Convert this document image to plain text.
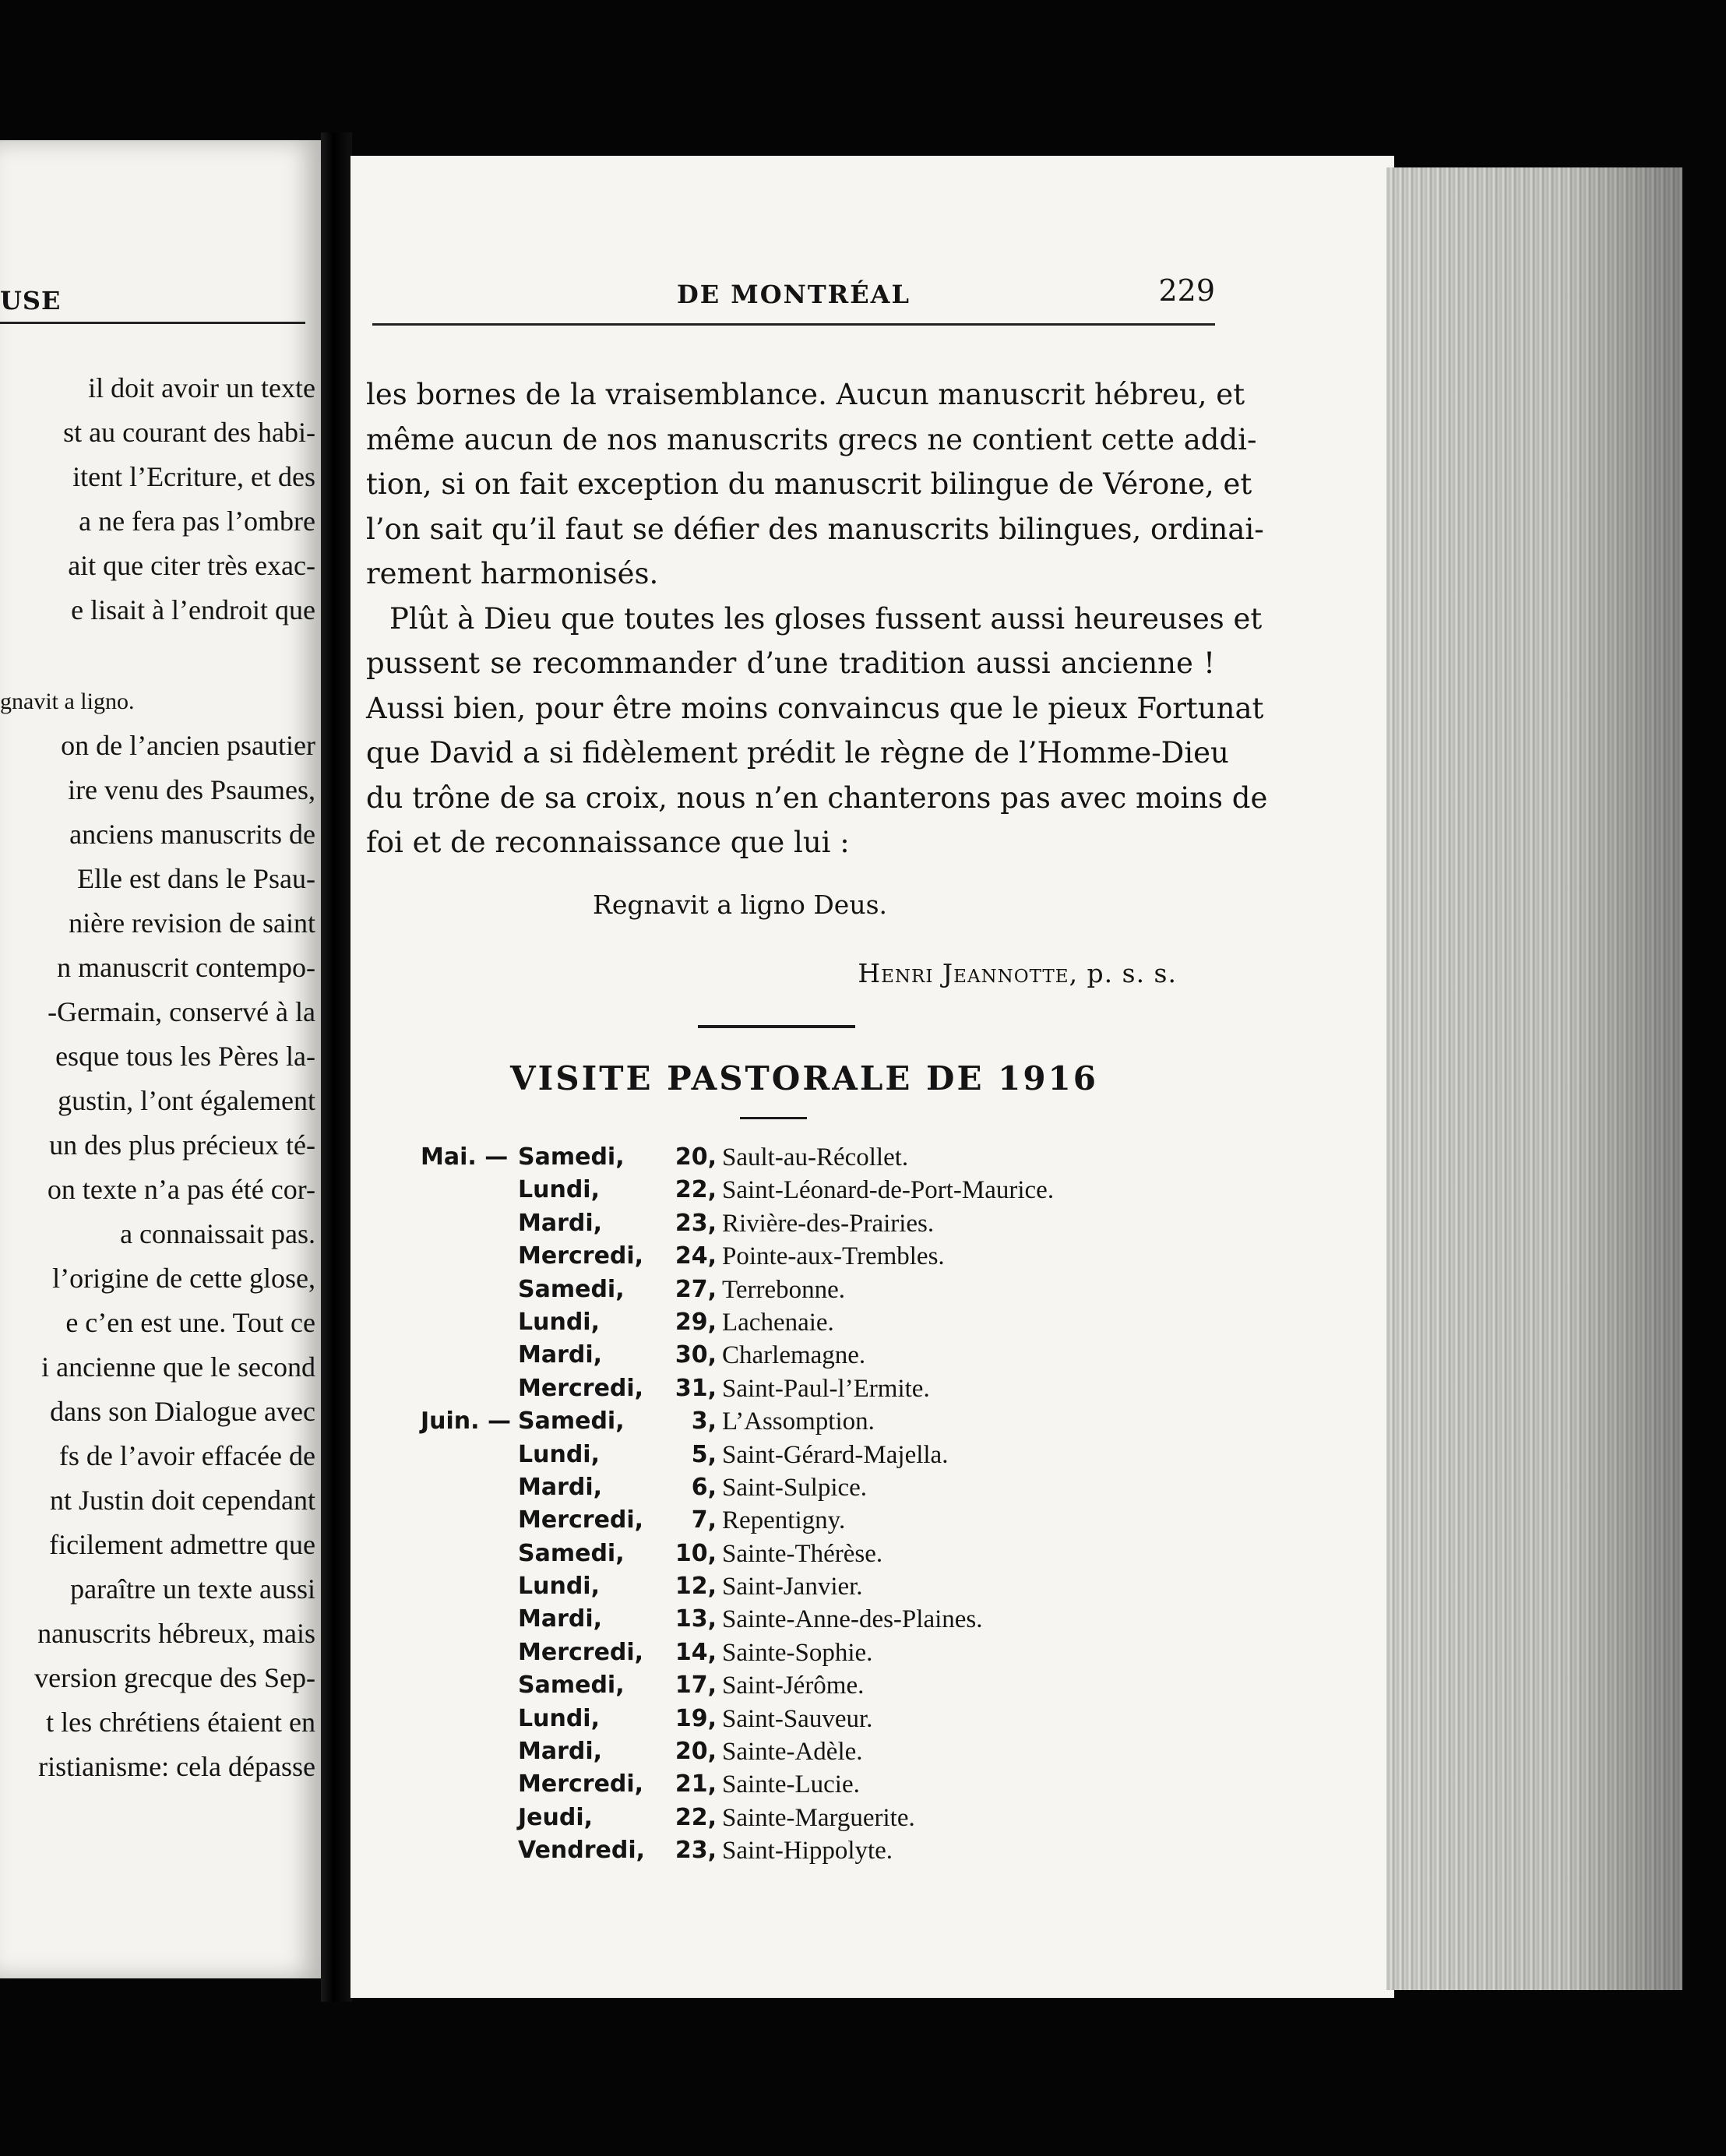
USE
il doit avoir un texte
st au courant des habi-
itent l’Ecriture, et des
a ne fera pas l’ombre
ait que citer très exac-
e lisait à l’endroit que
gnavit a ligno.
on de l’ancien psautier
ire venu des Psaumes,
anciens manuscrits de
Elle est dans le Psau-
nière revision de saint
n manuscrit contempo-
-Germain, conservé à la
esque tous les Pères la-
gustin, l’ont également
un des plus précieux té-
on texte n’a pas été cor-
a connaissait pas.
l’origine de cette glose,
e c’en est une. Tout ce
i ancienne que le second
dans son Dialogue avec
fs de l’avoir effacée de
nt Justin doit cependant
ficilement admettre que
paraître un texte aussi
nanuscrits hébreux, mais
version grecque des Sep-
t les chrétiens étaient en
ristianisme: cela dépasse
DE MONTRÉAL	229
les bornes de la vraisemblance. Aucun manuscrit hébreu, et
même aucun de nos manuscrits grecs ne contient cette addi-
tion, si on fait exception du manuscrit bilingue de Vérone, et
l’on sait qu’il faut se défier des manuscrits bilingues, ordinai-
rement harmonisés.
Plût à Dieu que toutes les gloses fussent aussi heureuses et
pussent se recommander d’une tradition aussi ancienne !
Aussi bien, pour être moins convaincus que le pieux Fortunat
que David a si fidèlement prédit le règne de l’Homme-Dieu
du trône de sa croix, nous n’en chanterons pas avec moins de
foi et de reconnaissance que lui :
Regnavit a ligno Deus.
Henri Jeannotte, p. s. s.
VISITE PASTORALE DE 1916
Mai. — Samedi,	20, Sault-au-Récollet.
Lundi,	22, Saint-Léonard-de-Port-Maurice.
Mardi,	23, Rivière-des-Prairies.
Mercredi,	24, Pointe-aux-Trembles.
Samedi,	27, Terrebonne.
Lundi,	29, Lachenaie.
Mardi,	30, Charlemagne.
Mercredi,	31, Saint-Paul-l’Ermite.
Juin. — Samedi,	3, L’Assomption.
Lundi,	5, Saint-Gérard-Majella.
Mardi,	6, Saint-Sulpice.
Mercredi,	7, Repentigny.
Samedi,	10, Sainte-Thérèse.
Lundi,	12, Saint-Janvier.
Mardi,	13, Sainte-Anne-des-Plaines.
Mercredi,	14, Sainte-Sophie.
Samedi,	17, Saint-Jérôme.
Lundi,	19, Saint-Sauveur.
Mardi,	20, Sainte-Adèle.
Mercredi,	21, Sainte-Lucie.
Jeudi,	22, Sainte-Marguerite.
Vendredi,	23, Saint-Hippolyte.
